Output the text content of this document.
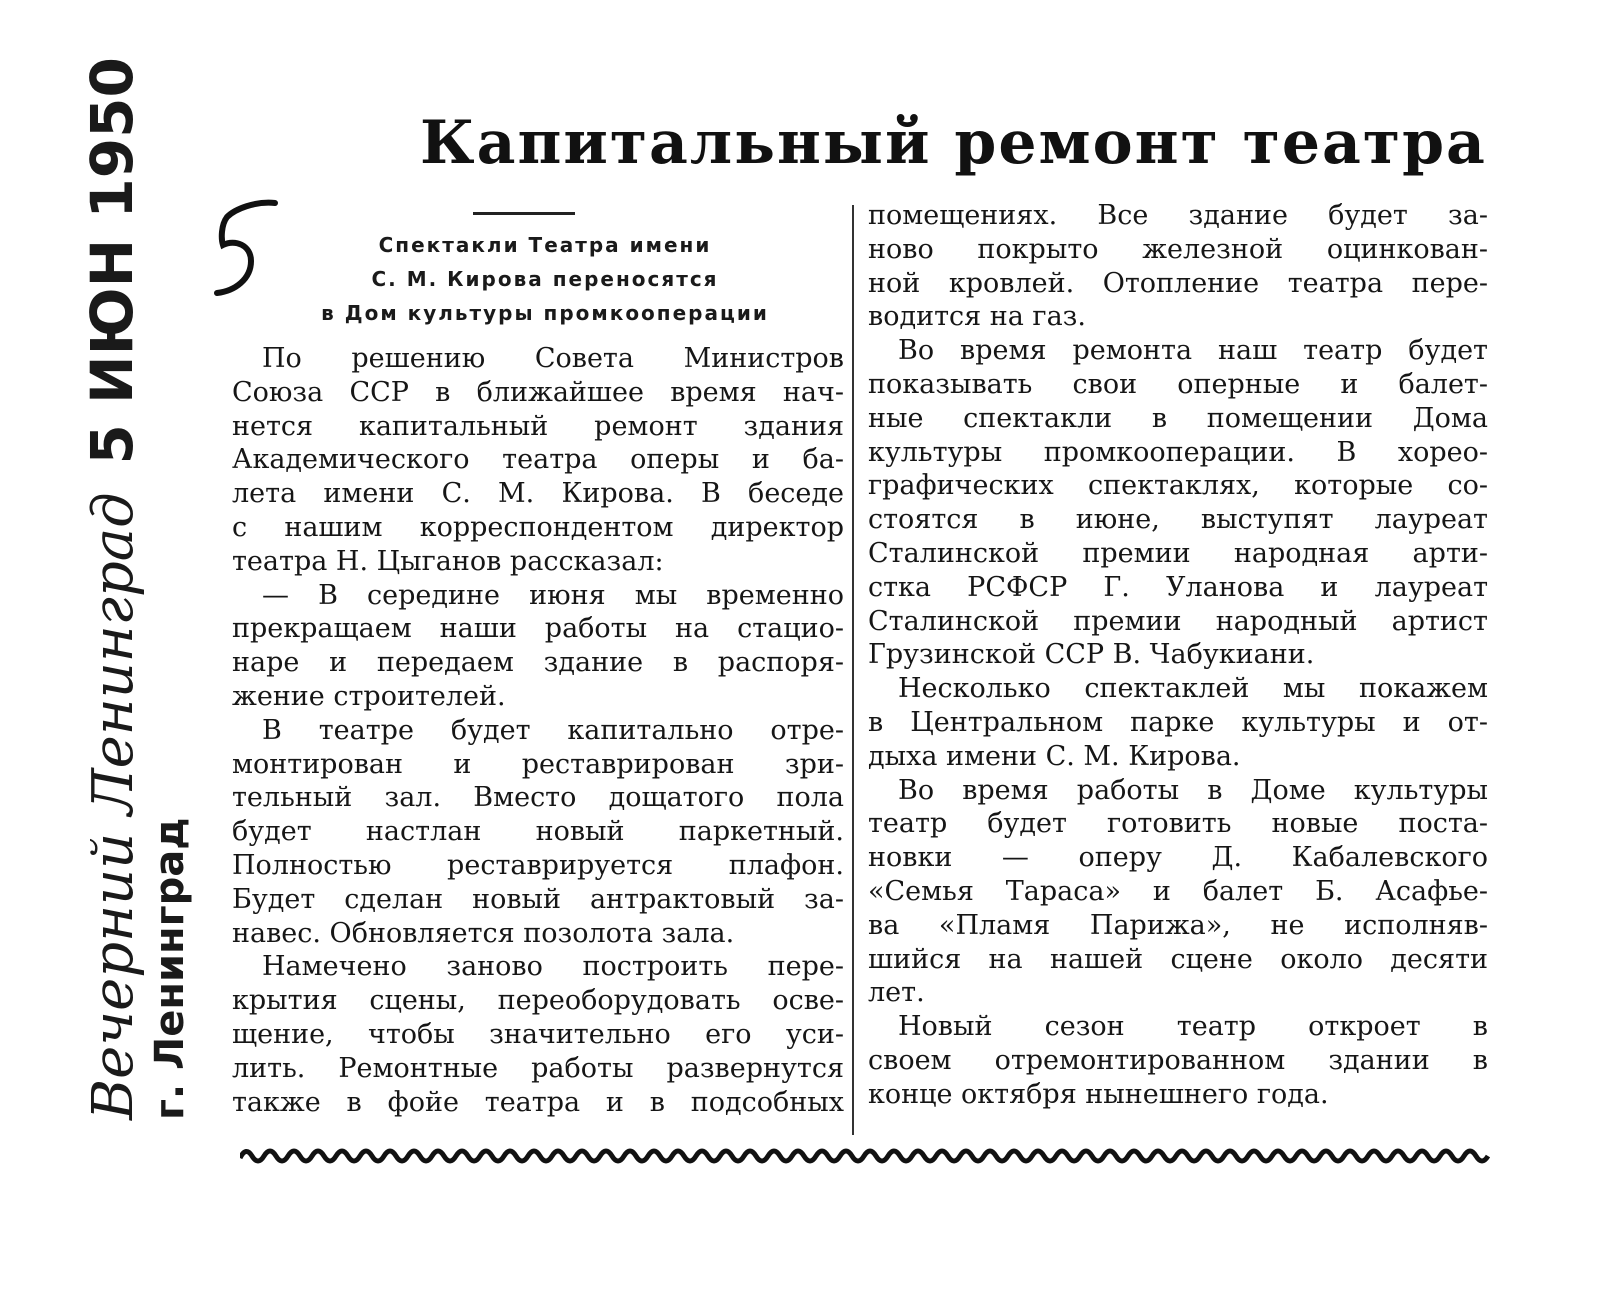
Вечерний Ленинград 5 ИЮН 1950
г. Ленинград
Капитальный ремонт театра
Спектакли Театра имени
С. М. Кирова переносятся
в Дом культуры промкооперации
По решению Совета Министров
Союза ССР в ближайшее время нач-
нется капитальный ремонт здания
Академического театра оперы и ба-
лета имени С. М. Кирова. В беседе
с нашим корреспондентом директор
театра Н. Цыганов рассказал:
— В середине июня мы временно
прекращаем наши работы на стацио-
наре и передаем здание в распоря-
жение строителей.
В театре будет капитально отре-
монтирован и реставрирован зри-
тельный зал. Вместо дощатого пола
будет настлан новый паркетный.
Полностью реставрируется плафон.
Будет сделан новый антрактовый за-
навес. Обновляется позолота зала.
Намечено заново построить пере-
крытия сцены, переоборудовать осве-
щение, чтобы значительно его уси-
лить. Ремонтные работы развернутся
также в фойе театра и в подсобных
помещениях. Все здание будет за-
ново покрыто железной оцинкован-
ной кровлей. Отопление театра пере-
водится на газ.
Во время ремонта наш театр будет
показывать свои оперные и балет-
ные спектакли в помещении Дома
культуры промкооперации. В хорео-
графических спектаклях, которые со-
стоятся в июне, выступят лауреат
Сталинской премии народная арти-
стка РСФСР Г. Уланова и лауреат
Сталинской премии народный артист
Грузинской ССР В. Чабукиани.
Несколько спектаклей мы покажем
в Центральном парке культуры и от-
дыха имени С. М. Кирова.
Во время работы в Доме культуры
театр будет готовить новые поста-
новки — оперу Д. Кабалевского
«Семья Тараса» и балет Б. Асафье-
ва «Пламя Парижа», не исполняв-
шийся на нашей сцене около десяти
лет.
Новый сезон театр откроет в
своем отремонтированном здании в
конце октября нынешнего года.
